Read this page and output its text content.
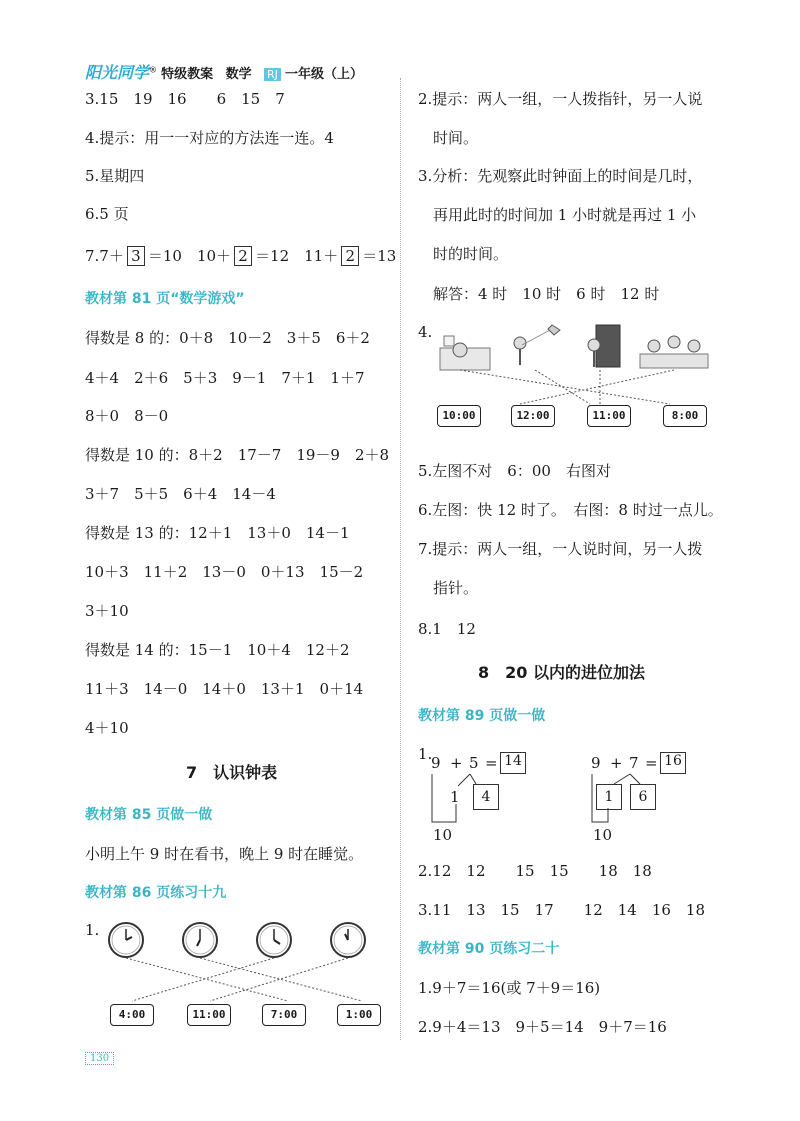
阳光同学® 特级教案 数学 RJ 一年级（上）
3.15　19　16　　6　15　7
4.提示：用一一对应的方法连一连。4
5.星期四
6.5 页
7.7＋ 3 ＝10　10＋ 2 ＝12　11＋ 2 ＝13
教材第 81 页“数学游戏”
得数是 8 的：0＋8　10－2　3＋5　6＋2
4＋4　2＋6　5＋3　9－1　7＋1　1＋7
8＋0　8－0
得数是 10 的：8＋2　17－7　19－9　2＋8
3＋7　5＋5　6＋4　14－4
得数是 13 的：12＋1　13＋0　14－1
10＋3　11＋2　13－0　0＋13　15－2
3＋10
得数是 14 的：15－1　10＋4　12＋2
11＋3　14－0　14＋0　13＋1　0＋14
4＋10
7　认识钟表
教材第 85 页做一做
小明上午 9 时在看书，晚上 9 时在睡觉。
教材第 86 页练习十九
1.
4:00	11:00	7:00	1:00
2.提示：两人一组，一人拨指针，另一人说
时间。
3.分析：先观察此时钟面上的时间是几时，
再用此时的时间加 1 小时就是再过 1 小
时的时间。
解答：4 时　10 时　6 时　12 时
4.
10:00	12:00	11:00	8:00
5.左图不对　6：00　右图对
6.左图：快 12 时了。　右图：8 时过一点儿。
7.提示：两人一组，一人说时间，另一人拨
指针。
8.1　12
8　20 以内的进位加法
教材第 89 页做一做
1.
9 + 5 = 14
1	4
10
9 + 7 = 16
1	6
10
2.12　12　　15　15　　18　18
3.11　13　15　17　　12　14　16　18
教材第 90 页练习二十
1.9＋7＝16(或 7＋9＝16)
2.9＋4＝13　9＋5＝14　9＋7＝16
130
